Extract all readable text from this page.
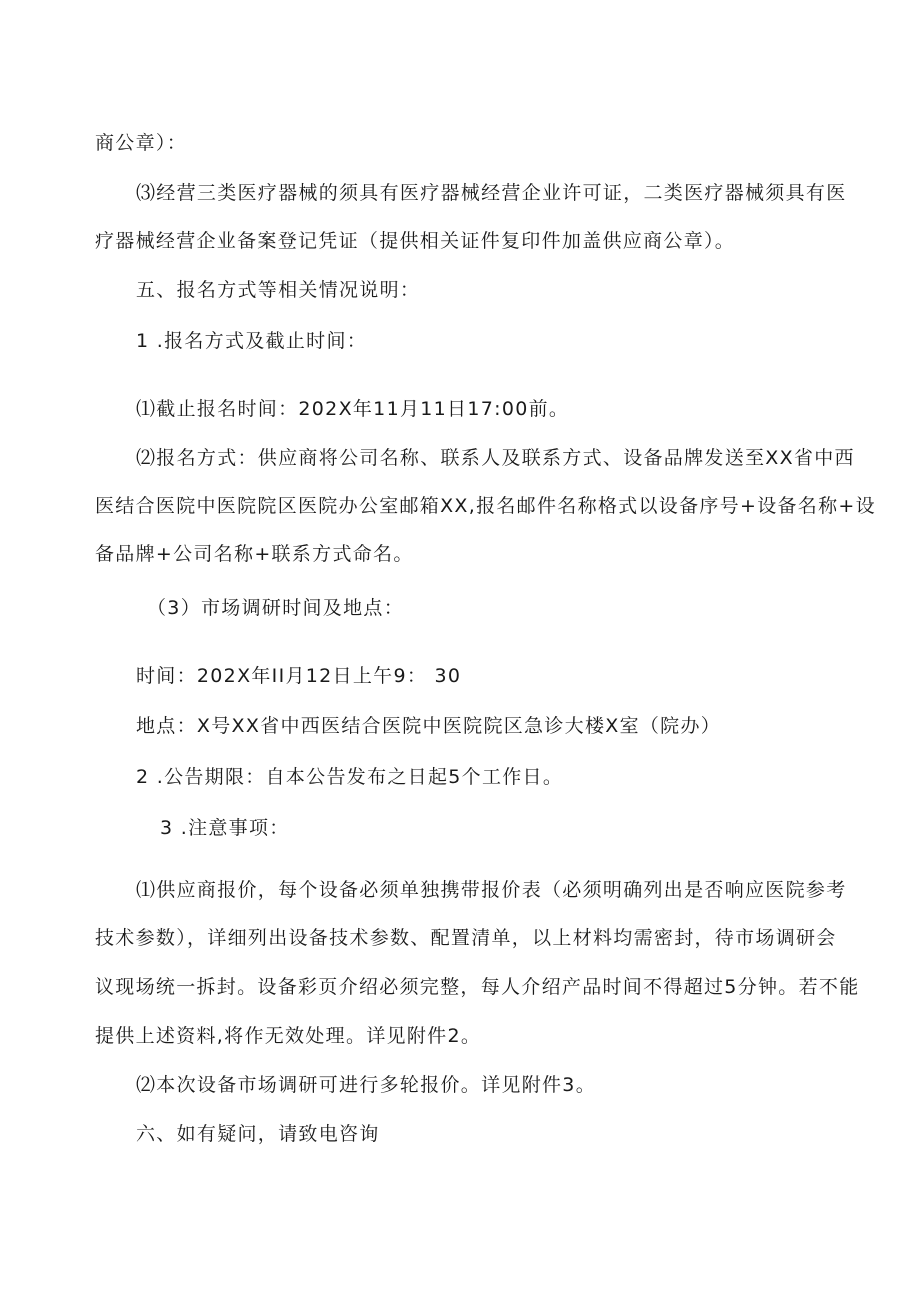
商公章）：
⑶经营三类医疗器械的须具有医疗器械经营企业许可证，二类医疗器械须具有医
疗器械经营企业备案登记凭证（提供相关证件复印件加盖供应商公章）。
五、报名方式等相关情况说明：
1 .报名方式及截止时间：
⑴截止报名时间：202X年11月11日17:00前。
⑵报名方式：供应商将公司名称、联系人及联系方式、设备品牌发送至XX省中西
医结合医院中医院院区医院办公室邮箱XX,报名邮件名称格式以设备序号+设备名称+设
备品牌+公司名称+联系方式命名。
（3）市场调研时间及地点：
时间：202X年II月12日上午9： 30
地点：X号XX省中西医结合医院中医院院区急诊大楼X室（院办）
2 .公告期限：自本公告发布之日起5个工作日。
3 .注意事项：
⑴供应商报价，每个设备必须单独携带报价表（必须明确列出是否响应医院参考
技术参数），详细列出设备技术参数、配置清单，以上材料均需密封，待市场调研会
议现场统一拆封。设备彩页介绍必须完整，每人介绍产品时间不得超过5分钟。若不能
提供上述资料,将作无效处理。详见附件2。
⑵本次设备市场调研可进行多轮报价。详见附件3。
六、如有疑问，请致电咨询
